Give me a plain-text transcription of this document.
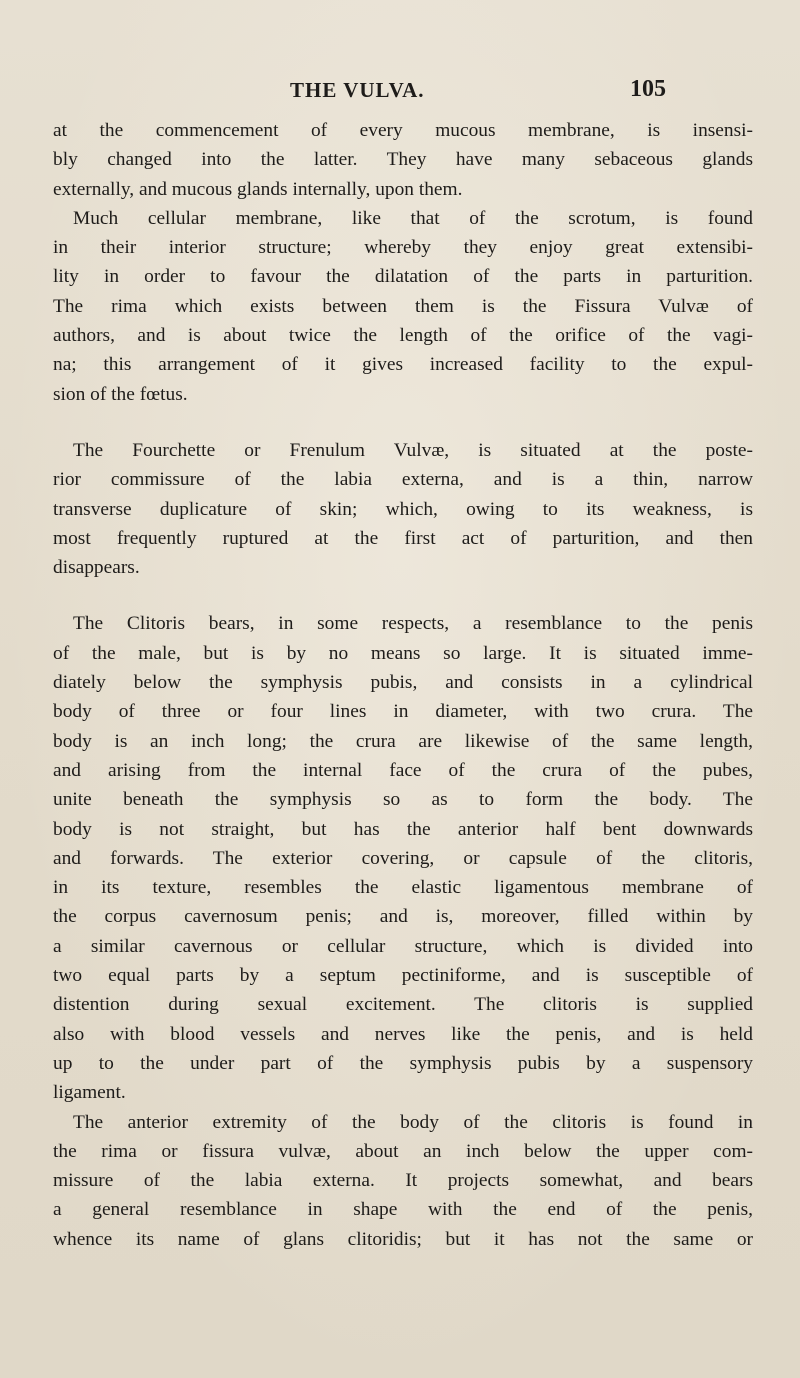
THE VULVA.	105
at the commencement of every mucous membrane, is insensi-
bly changed into the latter. They have many sebaceous glands
externally, and mucous glands internally, upon them.
Much cellular membrane, like that of the scrotum, is found
in their interior structure; whereby they enjoy great extensibi-
lity in order to favour the dilatation of the parts in parturition.
The rima which exists between them is the Fissura Vulvæ of
authors, and is about twice the length of the orifice of the vagi-
na; this arrangement of it gives increased facility to the expul-
sion of the fœtus.
The Fourchette or Frenulum Vulvæ, is situated at the poste-
rior commissure of the labia externa, and is a thin, narrow
transverse duplicature of skin; which, owing to its weakness, is
most frequently ruptured at the first act of parturition, and then
disappears.
The Clitoris bears, in some respects, a resemblance to the penis
of the male, but is by no means so large. It is situated imme-
diately below the symphysis pubis, and consists in a cylindrical
body of three or four lines in diameter, with two crura. The
body is an inch long; the crura are likewise of the same length,
and arising from the internal face of the crura of the pubes,
unite beneath the symphysis so as to form the body. The
body is not straight, but has the anterior half bent downwards
and forwards. The exterior covering, or capsule of the clitoris,
in its texture, resembles the elastic ligamentous membrane of
the corpus cavernosum penis; and is, moreover, filled within by
a similar cavernous or cellular structure, which is divided into
two equal parts by a septum pectiniforme, and is susceptible of
distention during sexual excitement. The clitoris is supplied
also with blood vessels and nerves like the penis, and is held
up to the under part of the symphysis pubis by a suspensory
ligament.
The anterior extremity of the body of the clitoris is found in
the rima or fissura vulvæ, about an inch below the upper com-
missure of the labia externa. It projects somewhat, and bears
a general resemblance in shape with the end of the penis,
whence its name of glans clitoridis; but it has not the same or
